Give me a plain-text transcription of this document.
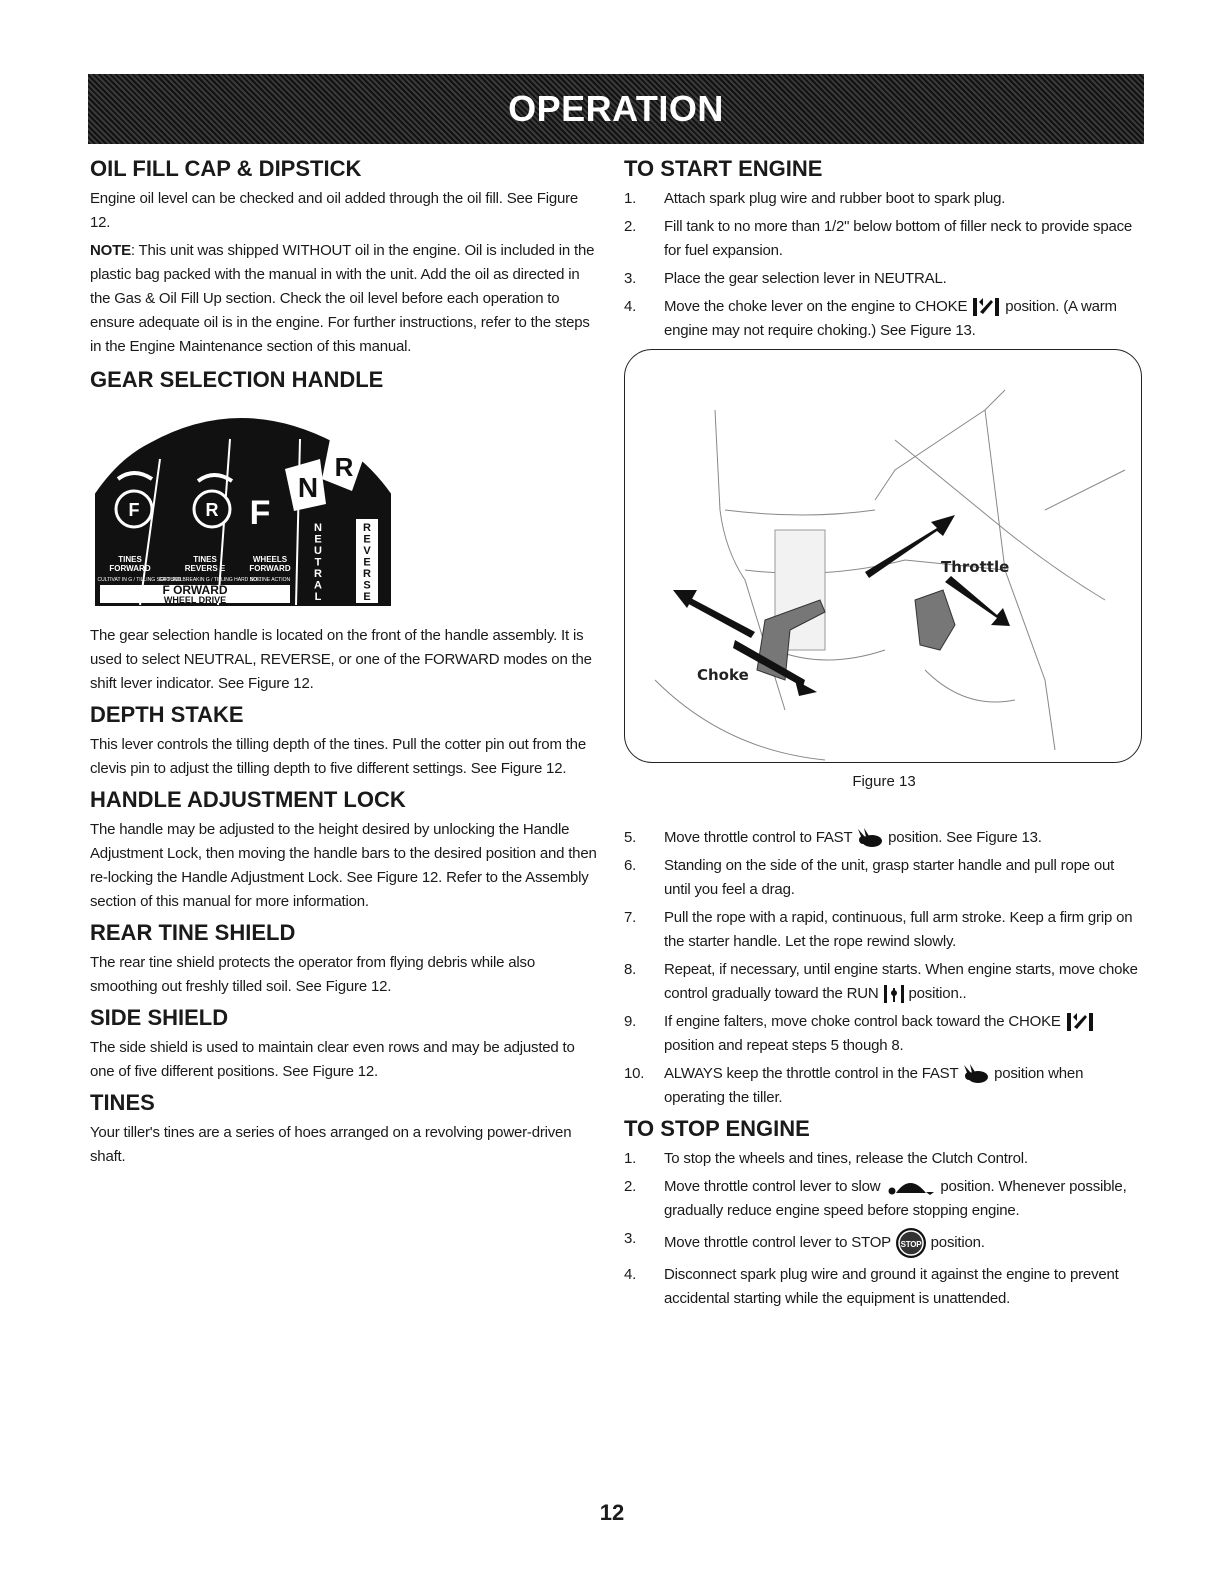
OPERATION
OIL FILL CAP & DIPSTICK

Engine oil level can be checked and oil added through the oil fill. See Figure 12.

NOTE: This unit was shipped WITHOUT oil in the engine. Oil is included in the plastic bag packed with the manual in with the unit. Add the oil as directed in the Gas & Oil Fill Up section. Check the oil level before each operation to ensure adequate oil is in the engine. For further instructions, refer to the steps in the Engine Maintenance section of this manual.

GEAR SELECTION HANDLE
F	R F
N
R
TINES
FORWARD
TINES
REVERS E
WHEELS
FORWARD
CULTIVAT IN G / TILLING SOFT SOIL
GROUND BREAKIN G / TILLING HARD SOIL
NO TINE ACTION
F ORWARD
WHEEL DRIVE
N
E
U
T
R
A
L
R
E
V
E
R
S
E

The gear selection handle is located on the front of the handle assembly. It is used to select NEUTRAL, REVERSE, or one of the FORWARD modes on the shift lever indicator. See Figure 12.

DEPTH STAKE

This lever controls the tilling depth of the tines. Pull the cotter pin out from the clevis pin to adjust the tilling depth to five different settings. See Figure 12.

HANDLE ADJUSTMENT LOCK

The handle may be adjusted to the height desired by unlocking the Handle Adjustment Lock, then moving the handle bars to the desired position and then re-locking the Handle Adjustment Lock. See Figure 12. Refer to the Assembly section of this manual for more information.

REAR TINE SHIELD

The rear tine shield protects the operator from flying debris while also smoothing out freshly tilled soil. See Figure 12.

SIDE SHIELD

The side shield is used to maintain clear even rows and may be adjusted to one of five different positions. See Figure 12.

TINES

Your tiller's tines are a series of hoes arranged on a revolving power-driven shaft.

TO START ENGINE
1.	Attach spark plug wire and rubber boot to spark plug.
2.	Fill tank to no more than 1/2" below bottom of filler neck to provide space for fuel expansion.
3.	Place the gear selection lever in NEUTRAL.
4.	Move the choke lever on the engine to CHOKE	position. (A warm engine may not require choking.) See Figure 13.
Throttle
Choke
Figure 13
5.	Move throttle control to FAST position. See Figure 13.
6.	Standing on the side of the unit, grasp starter handle and pull rope out until you feel a drag.
7.	Pull the rope with a rapid, continuous, full arm stroke. Keep a firm grip on the starter handle. Let the rope rewind slowly.
8.	Repeat, if necessary, until engine starts. When engine starts, move choke control gradually toward the RUN position..
9.	If engine falters, move choke control back toward the CHOKE  position and repeat steps 5 though 8.
10.	ALWAYS keep the throttle control in the FAST position when operating the tiller.
TO STOP ENGINE
1.	To stop the wheels and tines, release the Clutch Control.
2.	Move throttle control lever to slow	position. Whenever possible, gradually reduce engine speed before stopping engine.
3.	Move throttle control lever to STOP STOP position.
4.	Disconnect spark plug wire and ground it against the engine to prevent accidental starting while the equipment is unattended.
12
